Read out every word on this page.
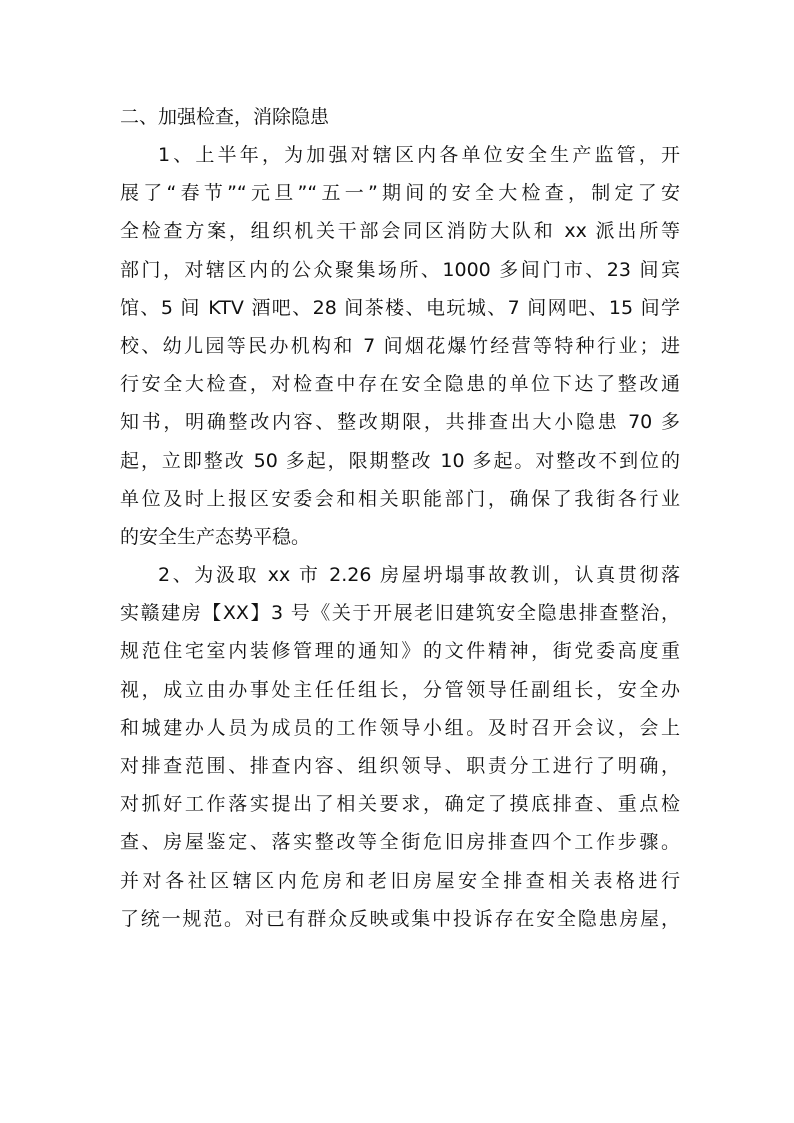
二、加强检查，消除隐患

1、上半年，为加强对辖区内各单位安全生产监管，开
展了“春节”“元旦”“五一”期间的安全大检查，制定了安
全检查方案，组织机关干部会同区消防大队和 xx 派出所等
部门，对辖区内的公众聚集场所、1000 多间门市、23 间宾
馆、5 间 KTV 酒吧、28 间茶楼、电玩城、7 间网吧、15 间学
校、幼儿园等民办机构和 7 间烟花爆竹经营等特种行业；进
行安全大检查，对检查中存在安全隐患的单位下达了整改通
知书，明确整改内容、整改期限，共排查出大小隐患 70 多
起，立即整改 50 多起，限期整改 10 多起。对整改不到位的
单位及时上报区安委会和相关职能部门，确保了我街各行业
的安全生产态势平稳。

2、为汲取 xx 市 2.26 房屋坍塌事故教训，认真贯彻落
实赣建房【XX】3 号《关于开展老旧建筑安全隐患排查整治，
规范住宅室内装修管理的通知》的文件精神，街党委高度重
视，成立由办事处主任任组长，分管领导任副组长，安全办
和城建办人员为成员的工作领导小组。及时召开会议，会上
对排查范围、排查内容、组织领导、职责分工进行了明确，
对抓好工作落实提出了相关要求，确定了摸底排查、重点检
查、房屋鉴定、落实整改等全街危旧房排查四个工作步骤。
并对各社区辖区内危房和老旧房屋安全排查相关表格进行
了统一规范。对已有群众反映或集中投诉存在安全隐患房屋，
